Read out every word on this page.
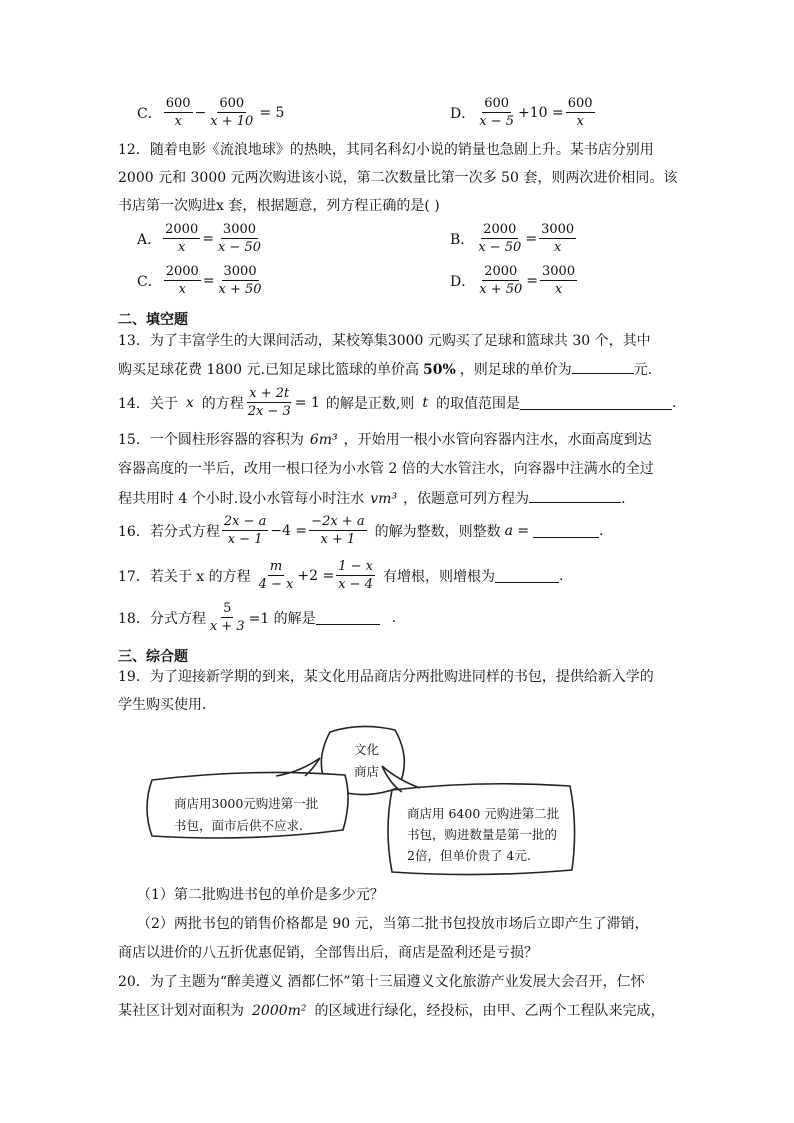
C． $\frac{600}{x} - \frac{600}{x + 10} = 5$	D． $\frac{600}{x - 5} +10 = \frac{600}{x}$
12．随着电影《流浪地球》的热映，其同名科幻小说的销量也急剧上升。某书店分别用
2000 元和 3000 元两次购进该小说，第二次数量比第一次多 50 套，则两次进价相同。该
书店第一次购进x 套，根据题意，列方程正确的是( )
A． $\frac{2000}{x} = \frac{3000}{x - 50}$	B． $\frac{2000}{x - 50} = \frac{3000}{x}$
C． $\frac{2000}{x} = \frac{3000}{x + 50}$	D． $\frac{2000}{x + 50} = \frac{3000}{x}$
二、填空题
13．为了丰富学生的大课间活动，某校筹集3000 元购买了足球和篮球共 30 个，其中
购买足球花费 1800 元.已知足球比篮球的单价高 50% ，则足球的单价为	元.
14．关于 x 的方程 $\frac{x + 2t}{2x - 3} = 1$ 的解是正数,则 t 的取值范围是	.
15．一个圆柱形容器的容积为 6m³ ，开始用一根小水管向容器内注水，水面高度到达
容器高度的一半后，改用一根口径为小水管 2 倍的大水管注水，向容器中注满水的全过
程共用时 4 个小时.设小水管每小时注水 vm³ ，依题意可列方程为	.
16．若分式方程 $\frac{2x - a}{x - 1} -4 = \frac{-2x + a}{x + 1}$ 的解为整数，则整数 a =	.
17．若关于 x 的方程 $\frac{m}{4 - x} +2 = \frac{1 - x}{x - 4}$ 有增根，则增根为	.
18．分式方程 $\frac{5}{x + 3} =1$ 的解是	.
三、综合题
19．为了迎接新学期的到来，某文化用品商店分两批购进同样的书包，提供给新入学的
学生购买使用．
文化
商店
商店用3000元购进第一批
书包，面市后供不应求.
商店用 6400 元购进第二批
书包，购进数量是第一批的
2倍，但单价贵了 4元.
（1）第二批购进书包的单价是多少元？
（2）两批书包的销售价格都是 90 元，当第二批书包投放市场后立即产生了滞销，
商店以进价的八五折优惠促销，全部售出后，商店是盈利还是亏损？
20．为了主题为“醉美遵义 酒都仁怀”第十三届遵义文化旅游产业发展大会召开，仁怀
某社区计划对面积为 2000m² 的区域进行绿化，经投标，由甲、乙两个工程队来完成，
